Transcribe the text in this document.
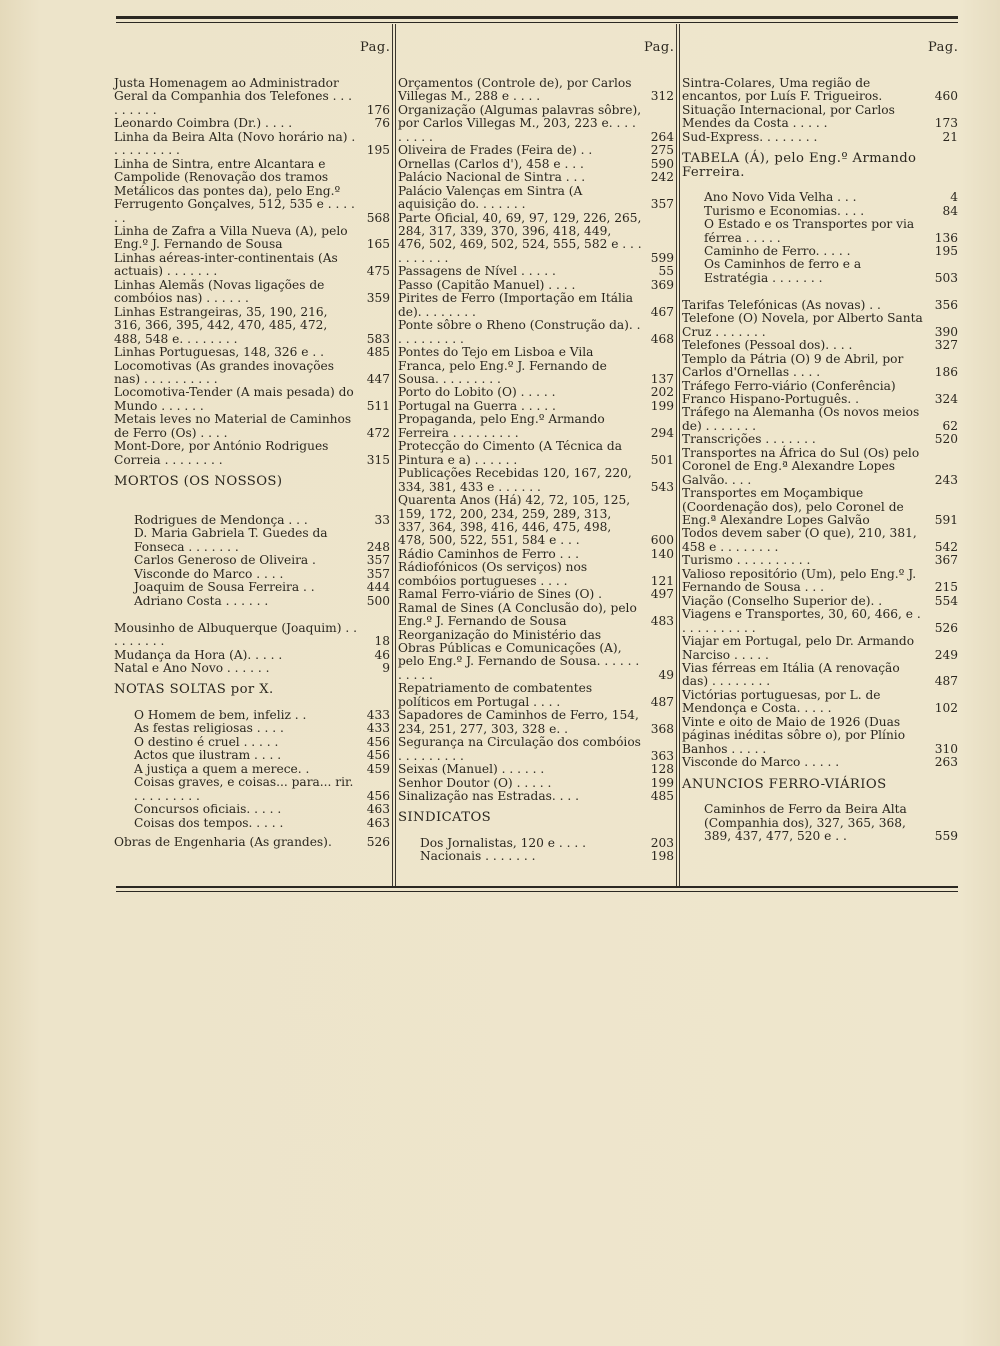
Pag.	Pag.	Pag.
Justa Homenagem ao Administrador Geral da Companhia dos Telefones . . . . . . . . .	176
Leonardo Coimbra (Dr.) . . . .	76
Linha da Beira Alta (Novo horário na) . . . . . . . . . .	195
Linha de Sintra, entre Alcantara e Campolide (Renovação dos tramos Metálicos das pontes da), pelo Eng.º Ferrugento Gonçalves, 512, 535 e . . . . . .	568
Linha de Zafra a Villa Nueva (A), pelo Eng.º J. Fernando de Sousa	165
Linhas aéreas-inter-continentais (As actuais) . . . . . . .	475
Linhas Alemãs (Novas ligações de combóios nas) . . . . . .	359
Linhas Estrangeiras, 35, 190, 216, 316, 366, 395, 442, 470, 485, 472, 488, 548 e. . . . . . . .	583
Linhas Portuguesas, 148, 326 e . .	485
Locomotivas (As grandes inovações nas) . . . . . . . . . .	447
Locomotiva-Tender (A mais pesada) do Mundo . . . . . .	511
Metais leves no Material de Caminhos de Ferro (Os) . . . .	472
Mont-Dore, por António Rodrigues Correia . . . . . . . .	315
MORTOS (OS NOSSOS)
Rodrigues de Mendonça . . .	33
D. Maria Gabriela T. Guedes da Fonseca . . . . . . .	248
Carlos Generoso de Oliveira .	357
Visconde do Marco . . . .	357
Joaquim de Sousa Ferreira . .	444
Adriano Costa . . . . . .	500
Mousinho de Albuquerque (Joaquim) . . . . . . . . .	18
Mudança da Hora (A). . . . .	46
Natal e Ano Novo . . . . . .	9
NOTAS SOLTAS por X.
O Homem de bem, infeliz . .	433
As festas religiosas . . . .	433
O destino é cruel . . . . .	456
Actos que ilustram . . . .	456
A justiça a quem a merece. .	459
Coisas graves, e coisas... para... rir. . . . . . . . . .	456
Concursos oficiais. . . . .	463
Coisas dos tempos. . . . .	463
Obras de Engenharia (As grandes).	526
Orçamentos (Controle de), por Carlos Villegas M., 288 e . . . .	312
Organização (Algumas palavras sôbre), por Carlos Villegas M., 203, 223 e. . . . . . . . .	264
Oliveira de Frades (Feira de) . .	275
Ornellas (Carlos d'), 458 e . . .	590
Palácio Nacional de Sintra . . .	242
Palácio Valenças em Sintra (A aquisição do. . . . . . .	357
Parte Oficial, 40, 69, 97, 129, 226, 265, 284, 317, 339, 370, 396, 418, 449, 476, 502, 469, 502, 524, 555, 582 e . . . . . . . . . .	599
Passagens de Nível . . . . .	55
Passo (Capitão Manuel) . . . .	369
Pirites de Ferro (Importação em Itália de). . . . . . . .	467
Ponte sôbre o Rheno (Construção da). . . . . . . . . . .	468
Pontes do Tejo em Lisboa e Vila Franca, pelo Eng.º J. Fernando de Sousa. . . . . . . . .	137
Porto do Lobito (O) . . . . .	202
Portugal na Guerra . . . . .	199
Propaganda, pelo Eng.º Armando Ferreira . . . . . . . . .	294
Protecção do Cimento (A Técnica da Pintura e a) . . . . . .	501
Publicações Recebidas 120, 167, 220, 334, 381, 433 e . . . . . .	543
Quarenta Anos (Há) 42, 72, 105, 125, 159, 172, 200, 234, 259, 289, 313, 337, 364, 398, 416, 446, 475, 498, 478, 500, 522, 551, 584 e . . .	600
Rádio Caminhos de Ferro . . .	140
Rádiofónicos (Os serviços) nos combóios portugueses . . . .	121
Ramal Ferro-viário de Sines (O) .	497
Ramal de Sines (A Conclusão do), pelo Eng.º J. Fernando de Sousa	483
Reorganização do Ministério das Obras Públicas e Comunicações (A), pelo Eng.º J. Fernando de Sousa. . . . . . . . . . .	49
Repatriamento de combatentes políticos em Portugal . . . .	487
Sapadores de Caminhos de Ferro, 154, 234, 251, 277, 303, 328 e. .	368
Segurança na Circulação dos combóios . . . . . . . . .	363
Seixas (Manuel) . . . . . .	128
Senhor Doutor (O) . . . . .	199
Sinalização nas Estradas. . . .	485
SINDICATOS
Dos Jornalistas, 120 e . . . .	203
Nacionais . . . . . . .	198
Sintra-Colares, Uma região de encantos, por Luís F. Trigueiros.	460
Situação Internacional, por Carlos Mendes da Costa . . . . .	173
Sud-Express. . . . . . . .	21
TABELA (Á), pelo Eng.º Armando Ferreira.
Ano Novo Vida Velha . . .	4
Turismo e Economias. . . .	84
O Estado e os Transportes por via férrea . . . . .	136
Caminho de Ferro. . . . .	195
Os Caminhos de ferro e a Estratégia . . . . . . .	503
Tarifas Telefónicas (As novas) . .	356
Telefone (O) Novela, por Alberto Santa Cruz . . . . . . .	390
Telefones (Pessoal dos). . . .	327
Templo da Pátria (O) 9 de Abril, por Carlos d'Ornellas . . . .	186
Tráfego Ferro-viário (Conferência) Franco Hispano-Português. .	324
Tráfego na Alemanha (Os novos meios de) . . . . . . .	62
Transcrições . . . . . . .	520
Transportes na África do Sul (Os) pelo Coronel de Eng.ª Alexandre Lopes Galvão. . . .	243
Transportes em Moçambique (Coordenação dos), pelo Coronel de Eng.ª Alexandre Lopes Galvão	591
Todos devem saber (O que), 210, 381, 458 e . . . . . . . .	542
Turismo . . . . . . . . . .	367
Valioso repositório (Um), pelo Eng.º J. Fernando de Sousa . . .	215
Viação (Conselho Superior de). .	554
Viagens e Transportes, 30, 60, 466, e . . . . . . . . . . .	526
Viajar em Portugal, pelo Dr. Armando Narciso . . . . .	249
Vias férreas em Itália (A renovação das) . . . . . . . .	487
Victórias portuguesas, por L. de Mendonça e Costa. . . . .	102
Vinte e oito de Maio de 1926 (Duas páginas inéditas sôbre o), por Plínio Banhos . . . . .	310
Visconde do Marco . . . . .	263
ANUNCIOS FERRO-VIÁRIOS
Caminhos de Ferro da Beira Alta (Companhia dos), 327, 365, 368, 389, 437, 477, 520 e . .	559
